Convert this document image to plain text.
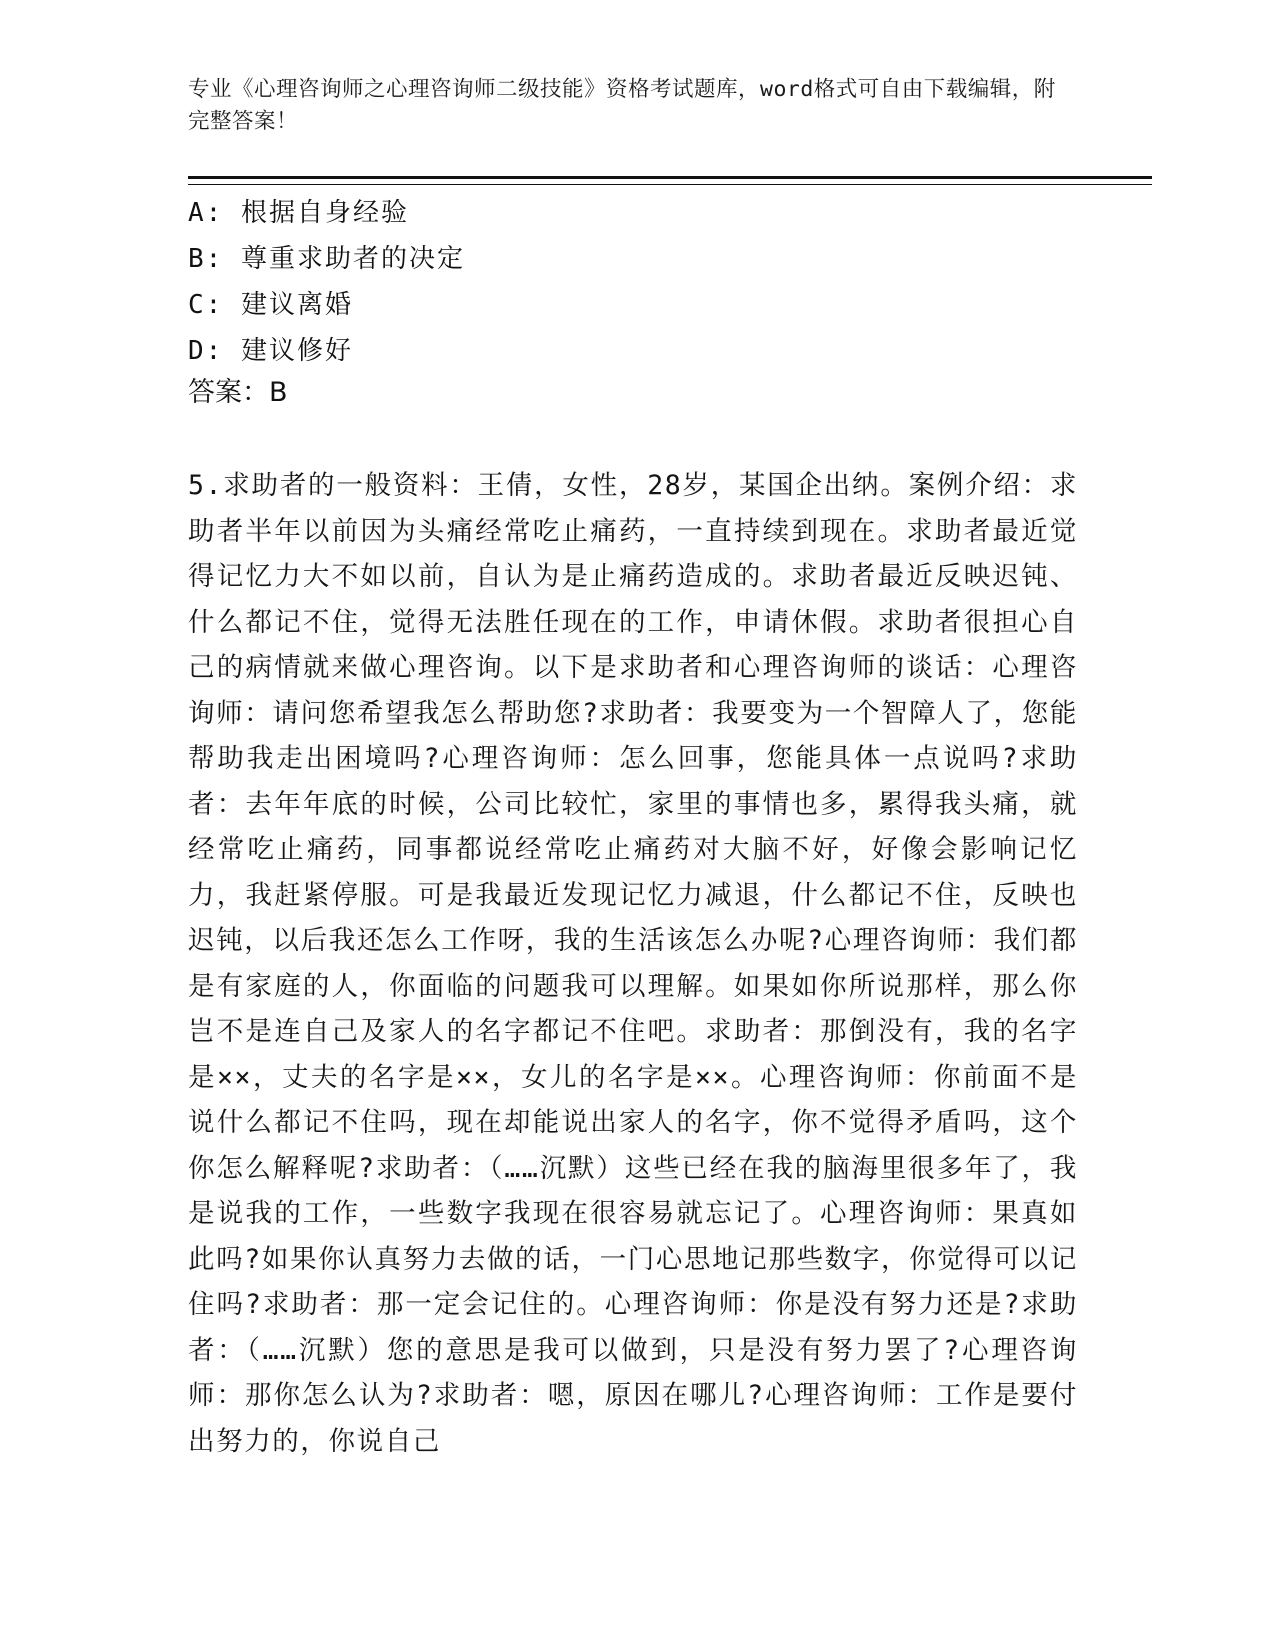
专业《心理咨询师之心理咨询师二级技能》资格考试题库，word格式可自由下载编辑，附完整答案！
A: 根据自身经验
B: 尊重求助者的决定
C: 建议离婚
D: 建议修好
答案：B
5.求助者的一般资料：王倩，女性，28岁，某国企出纳。案例介绍：求助者半年以前因为头痛经常吃止痛药，一直持续到现在。求助者最近觉得记忆力大不如以前，自认为是止痛药造成的。求助者最近反映迟钝、什么都记不住，觉得无法胜任现在的工作，申请休假。求助者很担心自己的病情就来做心理咨询。以下是求助者和心理咨询师的谈话：心理咨询师：请问您希望我怎么帮助您?求助者：我要变为一个智障人了，您能帮助我走出困境吗?心理咨询师：怎么回事，您能具体一点说吗?求助者：去年年底的时候，公司比较忙，家里的事情也多，累得我头痛，就经常吃止痛药，同事都说经常吃止痛药对大脑不好，好像会影响记忆力，我赶紧停服。可是我最近发现记忆力减退，什么都记不住，反映也迟钝，以后我还怎么工作呀，我的生活该怎么办呢?心理咨询师：我们都是有家庭的人，你面临的问题我可以理解。如果如你所说那样，那么你岂不是连自己及家人的名字都记不住吧。求助者：那倒没有，我的名字是××，丈夫的名字是××，女儿的名字是××。心理咨询师：你前面不是说什么都记不住吗，现在却能说出家人的名字，你不觉得矛盾吗，这个你怎么解释呢?求助者：（……沉默）这些已经在我的脑海里很多年了，我是说我的工作，一些数字我现在很容易就忘记了。心理咨询师：果真如此吗?如果你认真努力去做的话，一门心思地记那些数字，你觉得可以记住吗?求助者：那一定会记住的。心理咨询师：你是没有努力还是?求助者：（……沉默）您的意思是我可以做到，只是没有努力罢了?心理咨询师：那你怎么认为?求助者：嗯，原因在哪儿?心理咨询师：工作是要付出努力的，你说自己
